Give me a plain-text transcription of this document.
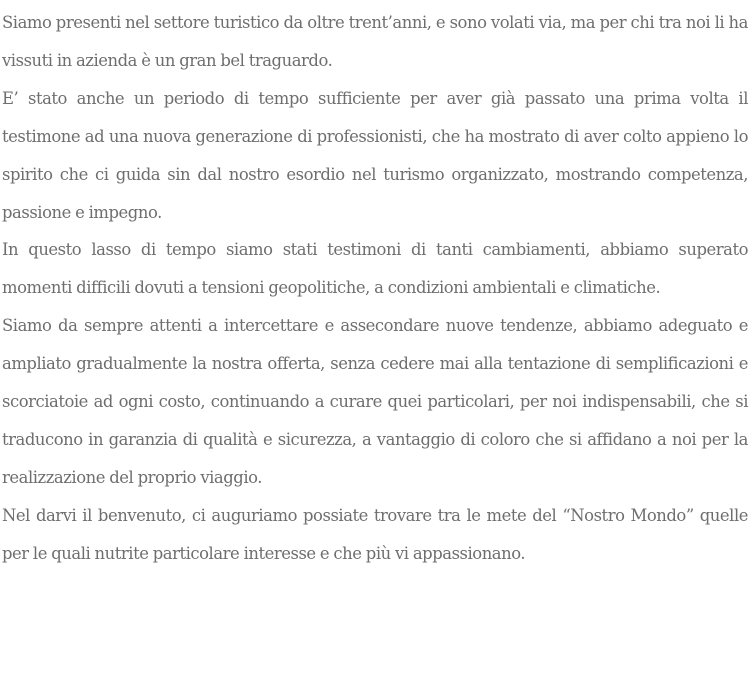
Siamo presenti nel settore turistico da oltre trent’anni, e sono volati via, ma per chi tra noi li ha vissuti in azienda è un gran bel traguardo.

E’ stato anche un periodo di tempo sufficiente per aver già passato una prima volta il testimone ad una nuova generazione di professionisti, che ha mostrato di aver colto appieno lo spirito che ci guida sin dal nostro esordio nel turismo organizzato, mostrando competenza, passione e impegno.

In questo lasso di tempo siamo stati testimoni di tanti cambiamenti, abbiamo superato momenti difficili dovuti a tensioni geopolitiche, a condizioni ambientali e climatiche.

Siamo da sempre attenti a intercettare e assecondare nuove tendenze, abbiamo adeguato e ampliato gradualmente la nostra offerta, senza cedere mai alla tentazione di semplificazioni e scorciatoie ad ogni costo, continuando a curare quei particolari, per noi indispensabili, che si traducono in garanzia di qualità e sicurezza, a vantaggio di coloro che si affidano a noi per la realizzazione del proprio viaggio.

Nel darvi il benvenuto, ci auguriamo possiate trovare tra le mete del “Nostro Mondo” quelle per le quali nutrite particolare interesse e che più vi appassionano.
